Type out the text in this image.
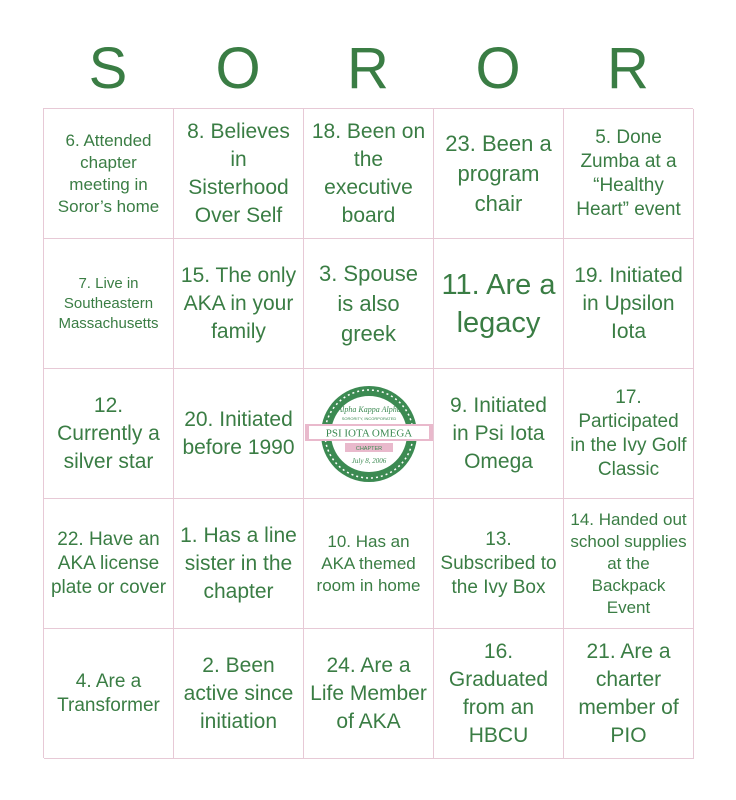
S	O	R	O	R
6. Attended chapter meeting in Soror’s home
8. Believes in Sisterhood Over Self
18. Been on the executive board
23. Been a program chair
5. Done Zumba at a “Healthy Heart” event
7. Live in Southeastern Massachusetts
15. The only AKA in your family
3. Spouse is also greek
11. Are a legacy
19. Initiated in Upsilon Iota
12. Currently a silver star
20. Initiated before 1990
Alpha Kappa Alpha
SORORITY, INCORPORATED
PSI IOTA OMEGA
CHAPTER
July 8, 2006
9. Initiated in Psi Iota Omega
17. Participated in the Ivy Golf Classic
22. Have an AKA license plate or cover
1. Has a line sister in the chapter
10. Has an AKA themed room in home
13. Subscribed to the Ivy Box
14. Handed out school supplies at the Backpack Event
4. Are a Transformer
2. Been active since initiation
24. Are a Life Member of AKA
16. Graduated from an HBCU
21. Are a charter member of PIO
